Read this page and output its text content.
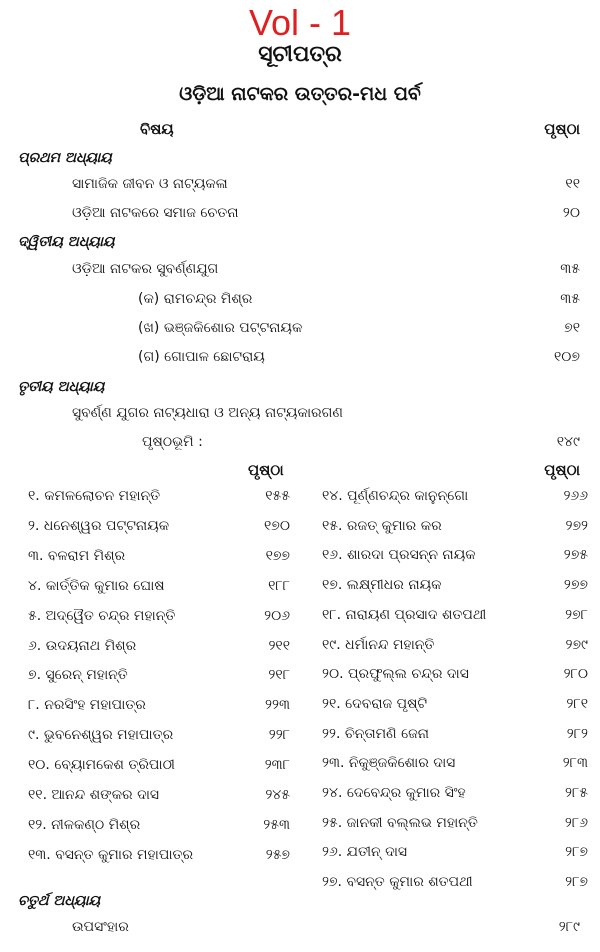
Vol - 1
ସୂଚୀପତ୍ର
ଓଡ଼ିଆ ନାଟକର ଉତ୍ତର-ମଧ ପର୍ବ
ବିଷୟ	ପୃଷ୍ଠା
ପ୍ରଥମ ଅଧ୍ୟାୟ
ସାମାଜିକ ଜୀବନ ଓ ନାଟ୍ୟକଳା	୧୧
ଓଡ଼ିଆ ନାଟକରେ ସମାଜ ଚେତନା	୨୦
ଦ୍ୱିତୀୟ ଅଧ୍ୟାୟ
ଓଡ଼ିଆ ନାଟକର ସୁବର୍ଣ୍ଣଯୁଗ	୩୫
(କ) ରାମଚନ୍ଦ୍ର ମିଶ୍ର	୩୫
(ଖ) ଭଞ୍ଜକିଶୋର ପଟ୍ଟନାୟକ	୭୧
(ଗ) ଗୋପାଳ ଛୋଟରାୟ	୧୦୭
ତୃତୀୟ ଅଧ୍ୟାୟ
ସୁବର୍ଣ୍ଣ ଯୁଗର ନାଟ୍ୟଧାରା ଓ ଅନ୍ୟ ନାଟ୍ୟକାରଗଣ
ପୃଷ୍ଠଭୂମି :	୧୪୯
ପୃଷ୍ଠା	ପୃଷ୍ଠା
୧. କମଳଲୋଚନ ମହାନ୍ତି	୧୫୫
୨. ଧନେଶ୍ୱର ପଟ୍ଟନାୟକ	୧୭୦
୩. ବଳରାମ ମିଶ୍ର	୧୭୭
୪. କାର୍ତ୍ତିକ କୁମାର ଘୋଷ	୧୮୮
୫. ଅଦ୍ୱୈତ ଚନ୍ଦ୍ର ମହାନ୍ତି	୨୦୬
୬. ଉଦୟନାଥ ମିଶ୍ର	୨୧୧
୭. ସୁରେନ୍ ମହାନ୍ତି	୨୧୮
୮. ନରସିଂହ ମହାପାତ୍ର	୨୨୩
୯. ଭୁବନେଶ୍ୱର ମହାପାତ୍ର	୨୨୮
୧୦. ବ୍ୟୋମକେଶ ତ୍ରିପାଠୀ	୨୩୮
୧୧. ଆନନ୍ଦ ଶଙ୍କର ଦାସ	୨୪୫
୧୨. ନୀଳକଣ୍ଠ ମିଶ୍ର	୨୫୩
୧୩. ବସନ୍ତ କୁମାର ମହାପାତ୍ର	୨୫୭
୧୪. ପୂର୍ଣ୍ଣଚନ୍ଦ୍ର କାନୁନ୍‌ଗୋ	୨୬୬
୧୫. ରଜତ୍ କୁମାର କର	୨୭୨
୧୬. ଶାରଦା ପ୍ରସନ୍ନ ନାୟକ	୨୭୫
୧୭. ଲକ୍ଷ୍ମୀଧର ନାୟକ	୨୭୭
୧୮. ନାରାୟଣ ପ୍ରସାଦ ଶତପଥୀ	୨୭୮
୧୯. ଧର୍ମାନନ୍ଦ ମହାନ୍ତି	୨୭୯
୨୦. ପ୍ରଫୁଲ୍ଲ ଚନ୍ଦ୍ର ଦାସ	୨୮୦
୨୧. ଦେବରାଜ ପୃଷ୍ଟି	୨୮୧
୨୨. ଚିନ୍ତାମଣି ଜେନା	୨୮୨
୨୩. ନିକୁଞ୍ଜକିଶୋର ଦାସ	୨୮୩
୨୪. ଦେବେନ୍ଦ୍ର କୁମାର ସିଂହ	୨୮୫
୨୫. ଜାନକୀ ବଲ୍ଲଭ ମହାନ୍ତି	୨୮୬
୨୬. ଯତୀନ୍ ଦାସ	୨୮୭
୨୭. ବସନ୍ତ କୁମାର ଶତପଥୀ	୨୮୭
ଚତୁର୍ଥ ଅଧ୍ୟାୟ
ଉପସଂହାର	୨୮୯
